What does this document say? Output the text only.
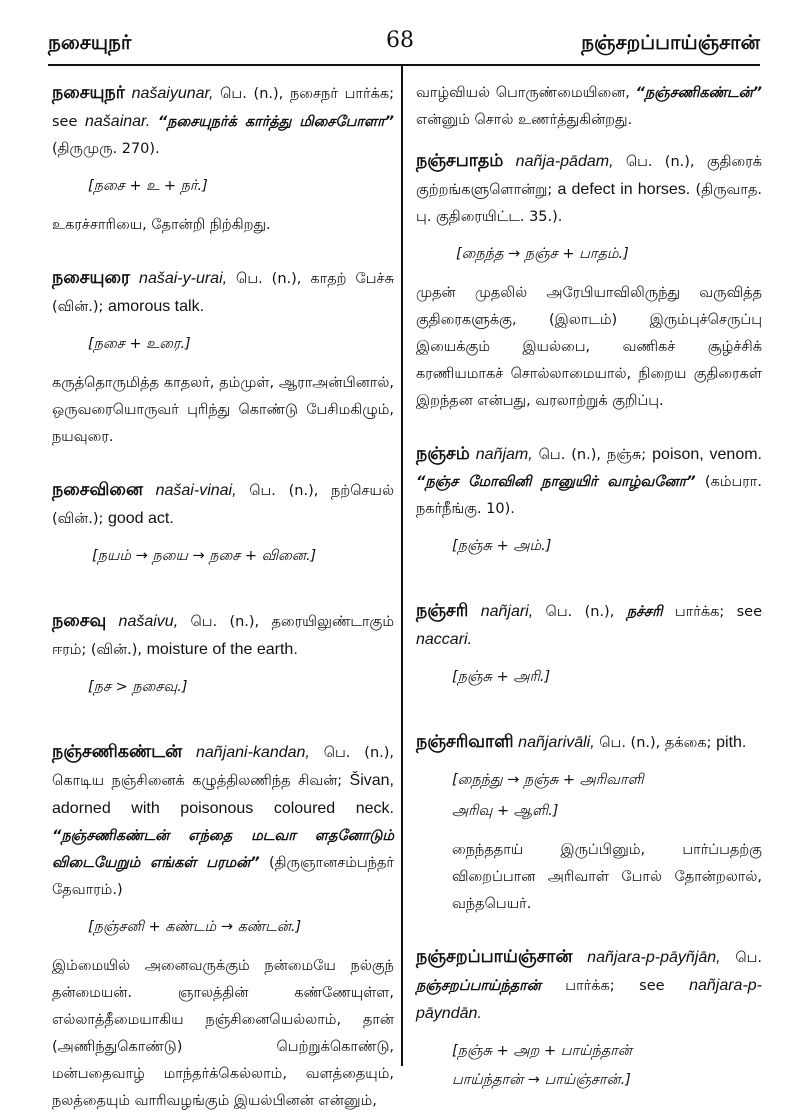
நசையுநர்	68	நஞ்சறப்பாய்ஞ்சான்
நசையுநர் našaiyunar, பெ. (n.), நசைநர் பார்க்க; see našainar. “நசையுநர்க் கார்த்து மிசைபோளா” (திருமுரு. 270).
[நசை + உ + நர்.]
உகரச்சாரியை, தோன்றி நிற்கிறது.
நசையுரை našai-y-urai, பெ. (n.), காதற் பேச்சு (வின்.); amorous talk.
[நசை + உரை.]
கருத்தொருமித்த காதலர், தம்முள், ஆராஅன்பினால், ஒருவரையொருவர் புரிந்து கொண்டு பேசிமகிழும், நயவுரை.
நசைவினை našai-vinai, பெ. (n.), நற்செயல் (வின்.); good act.
[நயம் → நயை → நசை + வினை.]
நசைவு našaivu, பெ. (n.), தரையிலுண்டாகும் ஈரம்; (வின்.), moisture of the earth.
[நச > நசைவு.]
நஞ்சணிகண்டன் nañjani-kandan, பெ. (n.), கொடிய நஞ்சினைக் கழுத்திலணிந்த சிவன்; Šivan, adorned with poisonous coloured neck. “நஞ்சணிகண்டன் எந்தை மடவா ளதனோடும் விடையேறும் எங்கள் பரமன்” (திருஞானசம்பந்தர் தேவாரம்.)
[நஞ்சனி + கண்டம் → கண்டன்.]
இம்மையில் அனைவருக்கும் நன்மையே நல்குந் தன்மையன். ஞாலத்தின் கண்ணேயுள்ள, எல்லாத்தீமையாகிய நஞ்சினையெல்லாம், தான் (அணிந்துகொண்டு) பெற்றுக்கொண்டு, மன்பதைவாழ் மாந்தர்க்கெல்லாம், வளத்தையும், நலத்தையும் வாரிவழங்கும் இயல்பினன் என்னும்,
வாழ்வியல் பொருண்மையினை, “நஞ்சணிகண்டன்” என்னும் சொல் உணர்த்துகின்றது.
நஞ்சபாதம் nañja-pādam, பெ. (n.), குதிரைக் குற்றங்களுளொன்று; a defect in horses. (திருவாத. பு. குதிரையிட்ட. 35.).
[நைந்த → நஞ்ச + பாதம்.]
முதன் முதலில் அரேபியாவிலிருந்து வருவித்த குதிரைகளுக்கு, (இலாடம்) இரும்புச்செருப்பு இயைக்கும் இயல்பை, வணிகச் சூழ்ச்சிக் கரணியமாகச் சொல்லாமையால், நிறைய குதிரைகள் இறந்தன என்பது, வரலாற்றுக் குறிப்பு.
நஞ்சம் nañjam, பெ. (n.), நஞ்சு; poison, venom. “நஞ்ச மோவினி நானுயிர் வாழ்வனோ” (கம்பரா. நகர்நீங்கு. 10).
[நஞ்சு + அம்.]
நஞ்சரி nañjari, பெ. (n.), நச்சரி பார்க்க; see naccari.
[நஞ்சு + அரி.]
நஞ்சரிவாளி nañjarivāli, பெ. (n.), தக்கை; pith.
[நைந்து → நஞ்சு + அரிவாளி
அரிவு + ஆளி.]
நைந்ததாய் இருப்பினும், பார்ப்பதற்கு விறைப்பான அரிவாள் போல் தோன்றலால், வந்தபெயர்.
நஞ்சறப்பாய்ஞ்சான் nañjara-p-pāyñjān, பெ. நஞ்சறப்பாய்ந்தான் பார்க்க; see nañjara-p-pāyndān.
[நஞ்சு + அற + பாய்ந்தான்
பாய்ந்தான் → பாய்ஞ்சான்.]
